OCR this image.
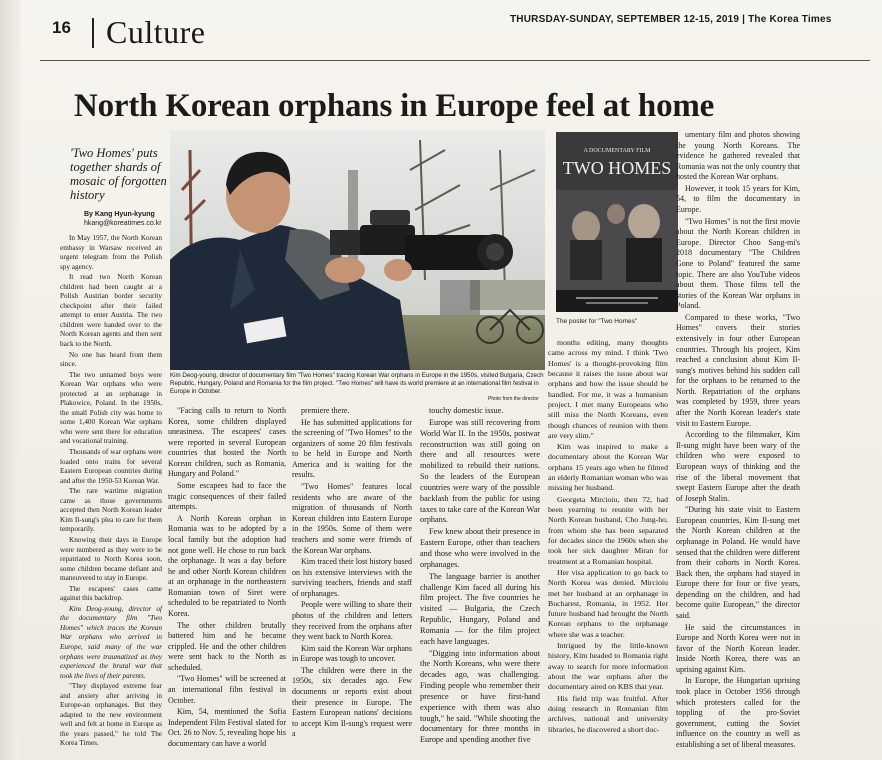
16 Culture	THURSDAY-SUNDAY, SEPTEMBER 12-15, 2019 | The Korea Times
North Korean orphans in Europe feel at home
'Two Homes' puts together shards of mosaic of forgotten history
By Kang Hyun-kyung
hkang@koreatimes.co.kr
Kim Deog-young, director of documentary film "Two Homes" tracing Korean War orphans in Europe in the 1950s, visited Bulgaria, Czech Republic, Hungary, Poland and Romania for the film project. "Two Homes" will have its world premiere at an international film festival in Europe in October.
Photo from the director
A DOCUMENTARY FILM
TWO HOMES
The poster for "Two Homes"

In May 1957, the North Korean embassy in Warsaw received an urgent telegram from the Polish spy agency.

It read two North Korean children had been caught at a Polish Austrian border security checkpoint after their failed attempt to enter Austria. The two children were handed over to the North Korean agents and then sent back to the North.

No one has heard from them since.

The two unnamed boys were Korean War orphans who were protected at an orphanage in Plakowice, Poland. In the 1950s, the small Polish city was home to some 1,400 Korean War orphans who were sent there for education and vocational training.

Thousands of war orphans were loaded onto trains for several Eastern European countries during and after the 1950-53 Korean War.

The rare wartime migration came as those governments accepted then North Korean leader Kim Il-sung's plea to care for them temporarily.

Knowing their days in Europe were numbered as they were to be repatriated to North Korea soon, some children became defiant and maneuvered to stay in Europe.

The escapees' cases came against this backdrop.

Kim Deog-young, director of the documentary film "Two Homes" which traces the Korean War orphans who arrived in Europe, said many of the war orphans were traumatized as they experienced the brutal war that took the lives of their parents.

"They displayed extreme fear and anxiety after arriving in Europe-an orphanages. But they adapted to the new environment well and felt at home in Europe as the years passed," he told The Korea Times.

"Facing calls to return to North Korea, some children displayed uneasiness. The escapees' cases were reported in several European countries that hosted the North Korean children, such as Romania, Hungary and Poland."

Some escapees had to face the tragic consequences of their failed attempts.

A North Korean orphan in Romania was to be adopted by a local family but the adoption had not gone well. He chose to run back the orphanage. It was a day before he and other North Korean children at an orphanage in the northeastern Romanian town of Siret were scheduled to be repatriated to North Korea.

The other children brutally battered him and he became crippled. He and the other children were sent back to the North as scheduled.

"Two Homes" will be screened at an international film festival in October.

Kim, 54, mentioned the Sofia Independent Film Festival slated for Oct. 26 to Nov. 5, revealing hope his documentary can have a world

premiere there.

He has submitted applications for the screening of "Two Homes" to the organizers of some 20 film festivals to be held in Europe and North America and is waiting for the results.

"Two Homes" features local residents who are aware of the migration of thousands of North Korean children into Eastern Europe in the 1950s. Some of them were teachers and some were friends of the Korean War orphans.

Kim traced their lost history based on his extensive interviews with the surviving teachers, friends and staff of orphanages.

People were willing to share their photos of the children and letters they received from the orphans after they went back to North Korea.

Kim said the Korean War orphans in Europe was tough to uncover.

The children were there in the 1950s, six decades ago. Few documents or reports exist about their presence in Europe. The Eastern European nations' decisions to accept Kim Il-sung's request were a

touchy domestic issue.

Europe was still recovering from World War II. In the 1950s, postwar reconstruction was still going on there and all resources were mobilized to rebuild their nations. So the leaders of the European countries were wary of the possible backlash from the public for using taxes to take care of the Korean War orphans.

Few knew about their presence in Eastern Europe, other than teachers and those who were involved in the orphanages.

The language barrier is another challenge Kim faced all during his film project. The five countries he visited — Bulgaria, the Czech Republic, Hungary, Poland and Romania — for the film project each have languages.

"Digging into information about the North Koreans, who were there decades ago, was challenging. Finding people who remember their presence or have first-hand experience with them was also tough," he said. "While shooting the documentary for three months in Europe and spending another five

months editing, many thoughts came across my mind. I think 'Two Homes' is a thought-provoking film because it raises the issue about war orphans and how the issue should be handled. For me, it was a humanism project. I met many Europeans who still miss the North Koreans, even though chances of reunion with them are very slim."

Kim was inspired to make a documentary about the Korean War orphans 15 years ago when he filmed an elderly Romanian woman who was missing her husband.

Georgeta Mircioiu, then 72, had been yearning to reunite with her North Korean husband, Cho Jung-ho, from whom she has been separated for decades since the 1960s when she took her sick daughter Miran for treatment at a Romanian hospital.

Her visa application to go back to North Korea was denied. Mircioiu met her husband at an orphanage in Bucharest, Romania, in 1952. Her future husband had brought the North Korean orphans to the orphanage where she was a teacher.

Intrigued by the little-known history, Kim headed to Romania right away to search for more information about the war orphans after the documentary aired on KBS that year.

His field trip was fruitful. After doing research in Romanian film archives, national and university libraries, he discovered a short doc-

umentary film and photos showing the young North Koreans. The evidence he gathered revealed that Romania was not the only country that hosted the Korean War orphans.

However, it took 15 years for Kim, 54, to film the documentary in Europe.

"Two Homes" is not the first movie about the North Korean children in Europe. Director Choo Sang-mi's 2018 documentary "The Children Gone to Poland" featured the same topic. There are also YouTube videos about them. Those films tell the stories of the Korean War orphans in Poland.

Compared to these works, "Two Homes" covers their stories extensively in four other European countries. Through his project, Kim reached a conclusion about Kim Il-sung's motives behind his sudden call for the orphans to be returned to the North. Repatriation of the orphans was completed by 1959, three years after the North Korean leader's state visit to Eastern Europe.

According to the filmmaker, Kim Il-sung might have been wary of the children who were exposed to European ways of thinking and the rise of the liberal movement that swept Eastern Europe after the death of Joseph Stalin.

"During his state visit to Eastern European countries, Kim Il-sung met the North Korean children at the orphanage in Poland. He would have sensed that the children were different from their cohorts in North Korea. Back then, the orphans had stayed in Europe there for four or five years, depending on the children, and had become quite European," the director said.

He said the circumstances in Europe and North Korea were not in favor of the North Korean leader. Inside North Korea, there was an uprising against Kim.

In Europe, the Hungarian uprising took place in October 1956 through which protesters called for the toppling of the pro-Soviet government, cutting the Soviet influence on the country as well as establishing a set of liberal measures.
